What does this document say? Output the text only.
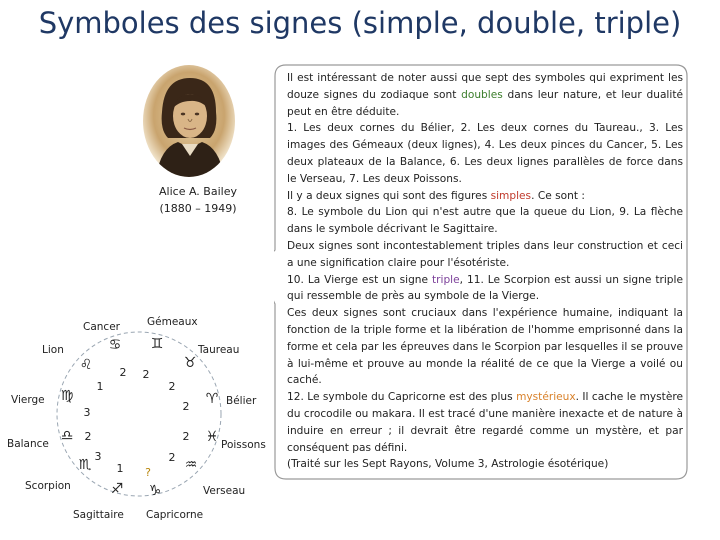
Symboles des signes (simple, double, triple)
Alice A. Bailey
(1880 – 1949)
Gémeaux
Cancer
Lion	Taureau
Vierge	Bélier
Balance	Poissons
Scorpion	Verseau
Sagittaire Capricorne
♊
♋
♉
♌
♍	♈
♎	♓
♏	♒
♐ ♑
2 2
1	2
3	2
2	2
3
1 ?
2
Il est intéressant de noter aussi que sept des symboles qui expriment les douze signes du zodiaque sont doubles dans leur nature, et leur dualité peut en être déduite.
1. Les deux cornes du Bélier, 2. Les deux cornes du Taureau., 3. Les images des Gémeaux (deux lignes), 4. Les deux pinces du Cancer, 5. Les deux plateaux de la Balance, 6. Les deux lignes parallèles de force dans le Verseau, 7. Les deux Poissons.
Il y a deux signes qui sont des figures simples. Ce sont :
8. Le symbole du Lion qui n'est autre que la queue du Lion, 9. La flèche dans le symbole décrivant le Sagittaire.
Deux signes sont incontestablement triples dans leur construction et ceci a une signification claire pour l'ésotériste.
10. La Vierge est un signe triple, 11. Le Scorpion est aussi un signe triple qui ressemble de près au symbole de la Vierge.
Ces deux signes sont cruciaux dans l'expérience humaine, indiquant la fonction de la triple forme et la libération de l'homme emprisonné dans la forme et cela par les épreuves dans le Scorpion par lesquelles il se prouve à lui-même et prouve au monde la réalité de ce que la Vierge a voilé ou caché.
12. Le symbole du Capricorne est des plus mystérieux. Il cache le mystère du crocodile ou makara. Il est tracé d'une manière inexacte et de nature à induire en erreur ; il devrait être regardé comme un mystère, et par conséquent pas défini.
(Traité sur les Sept Rayons, Volume 3, Astrologie ésotérique)
